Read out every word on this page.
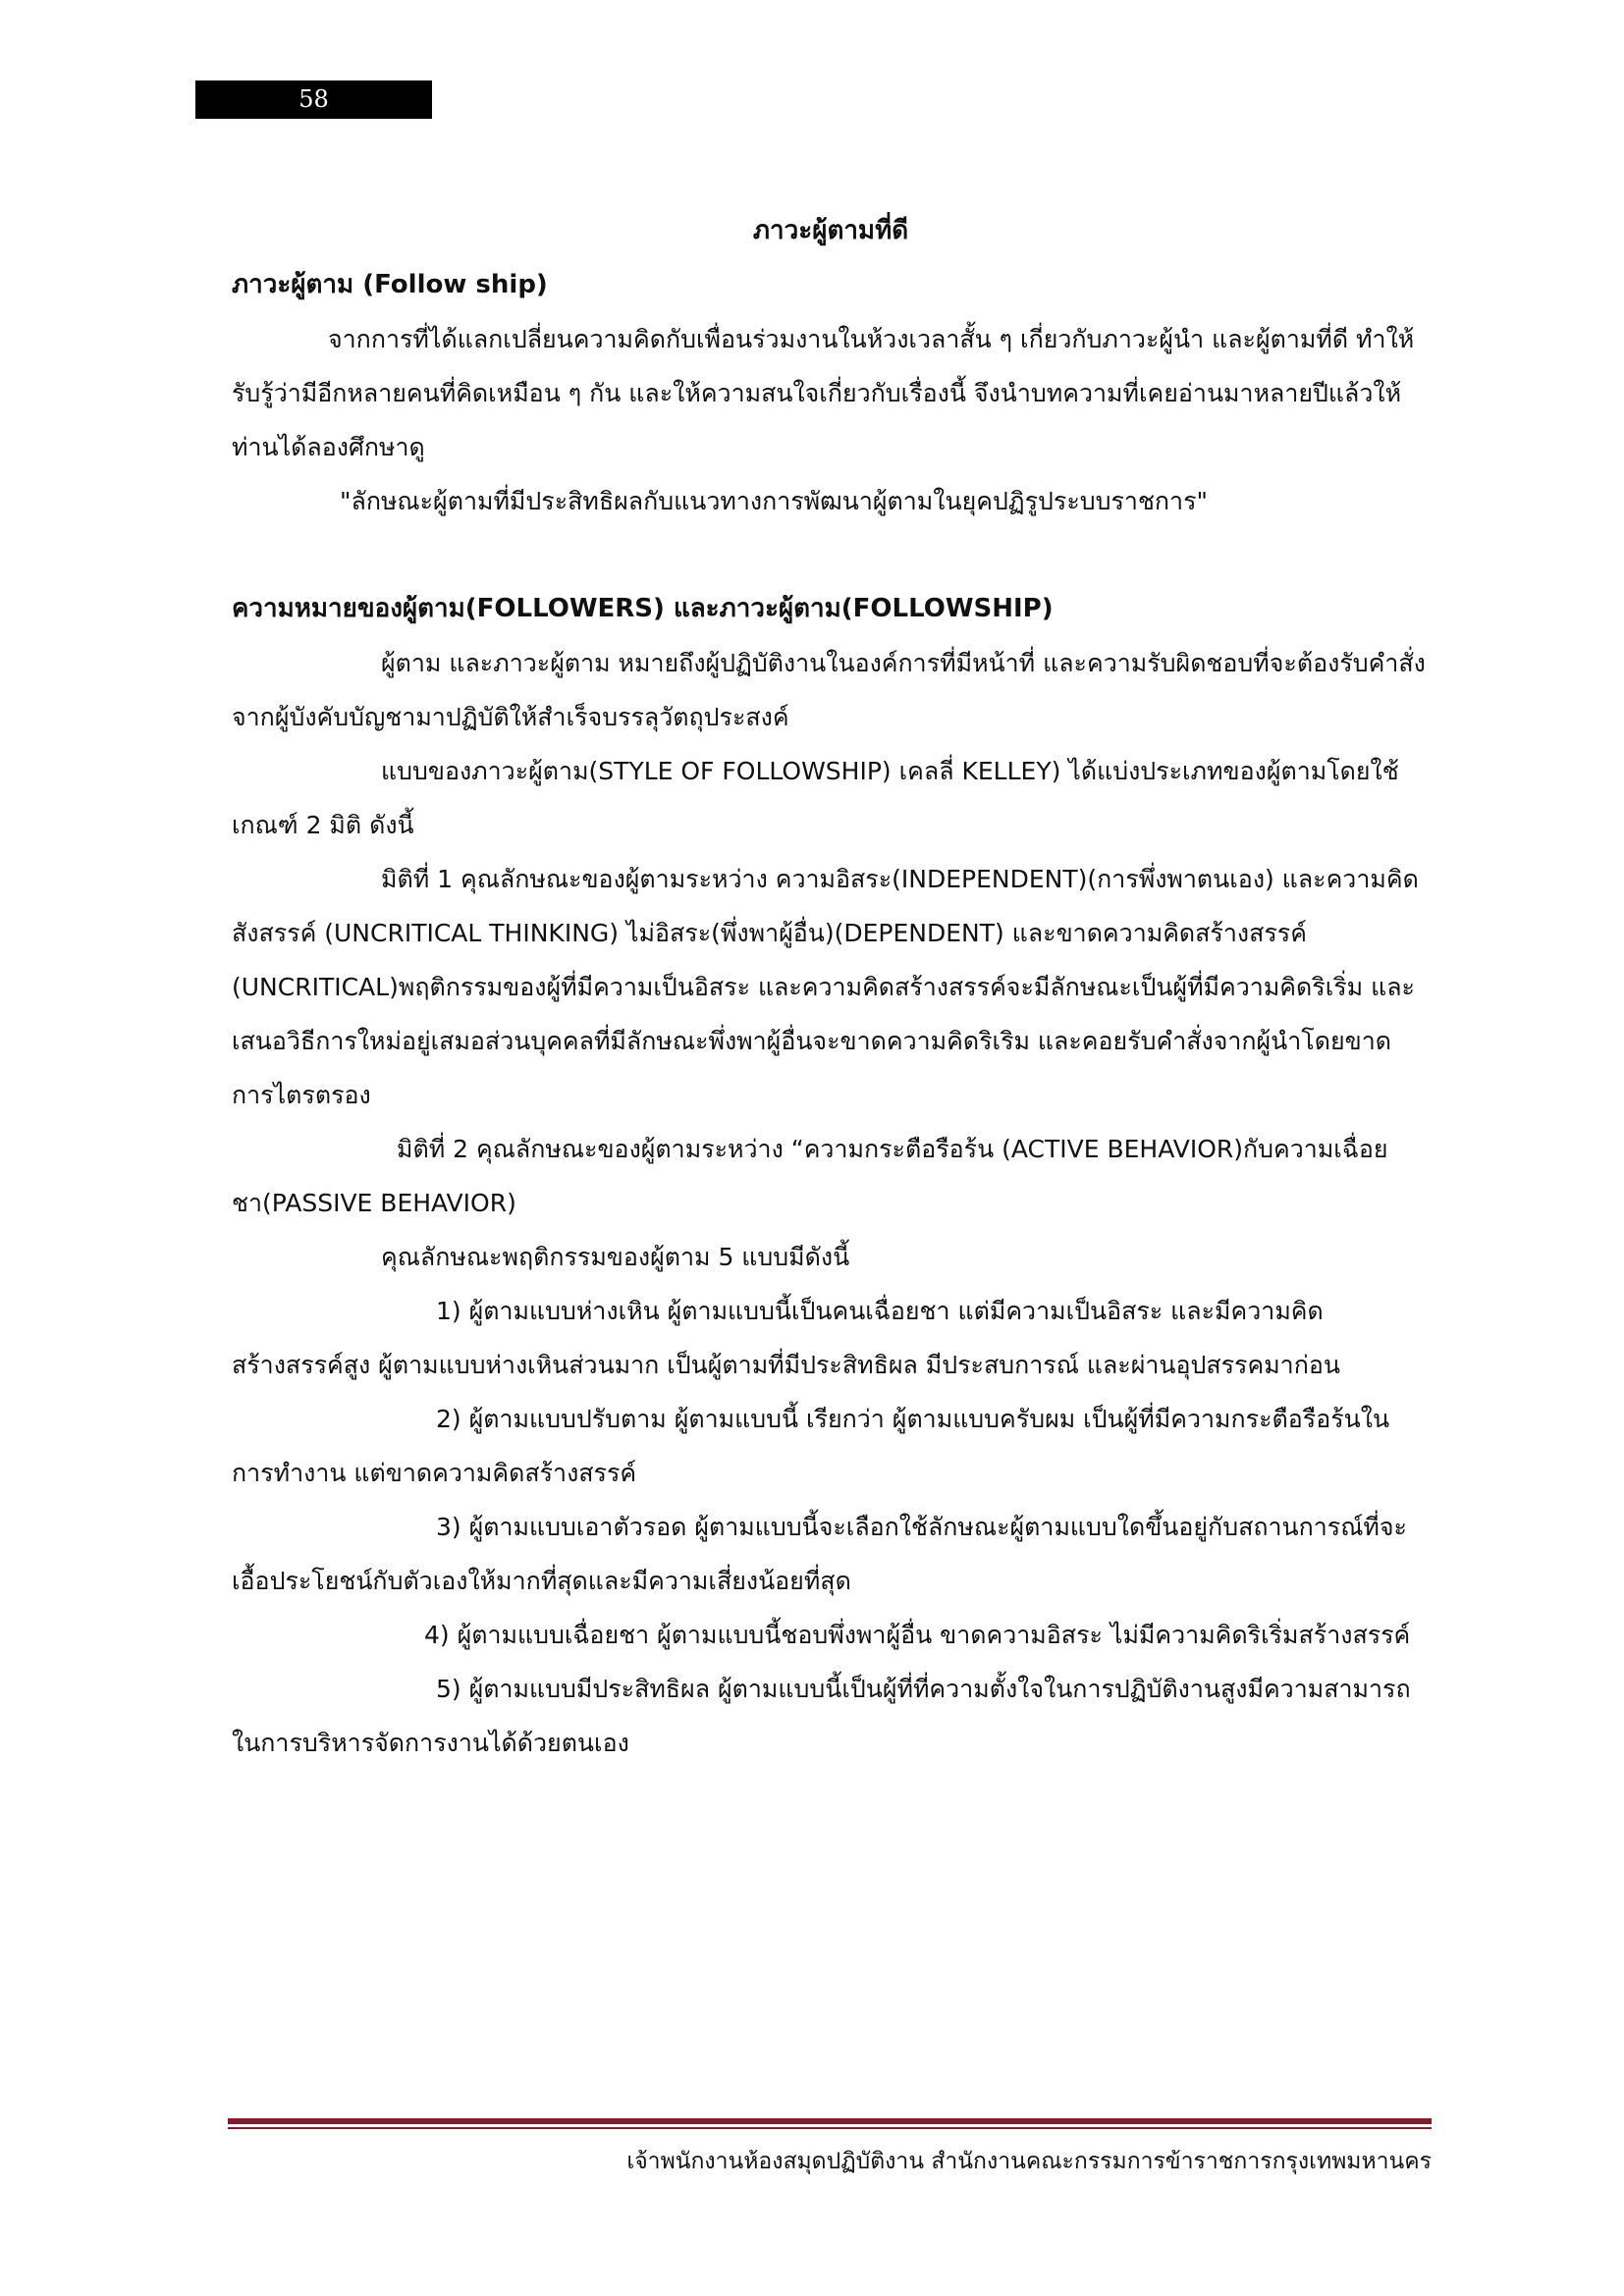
58

ภาวะผู้ตามที่ดี

ภาวะผู้ตาม (Follow ship)

จากการที่ได้แลกเปลี่ยนความคิดกับเพื่อนร่วมงานในห้วงเวลาสั้น ๆ เกี่ยวกับภาวะผู้นำ และผู้ตามที่ดี ทำให้รับรู้ว่ามีอีกหลายคนที่คิดเหมือน ๆ กัน และให้ความสนใจเกี่ยวกับเรื่องนี้ จึงนำบทความที่เคยอ่านมาหลายปีแล้วให้ท่านได้ลองศึกษาดู

"ลักษณะผู้ตามที่มีประสิทธิผลกับแนวทางการพัฒนาผู้ตามในยุคปฏิรูประบบราชการ"

ความหมายของผู้ตาม(FOLLOWERS) และภาวะผู้ตาม(FOLLOWSHIP)

ผู้ตาม และภาวะผู้ตาม หมายถึงผู้ปฏิบัติงานในองค์การที่มีหน้าที่ และความรับผิดชอบที่จะต้องรับคำสั่งจากผู้บังคับบัญชามาปฏิบัติให้สำเร็จบรรลุวัตถุประสงค์

แบบของภาวะผู้ตาม(STYLE OF FOLLOWSHIP) เคลลี่ KELLEY) ได้แบ่งประเภทของผู้ตามโดยใช้เกณฑ์ 2 มิติ ดังนี้

มิติที่ 1 คุณลักษณะของผู้ตามระหว่าง ความอิสระ(INDEPENDENT)(การพึ่งพาตนเอง) และความคิดสังสรรค์ (UNCRITICAL THINKING) ไม่อิสระ(พึ่งพาผู้อื่น)(DEPENDENT) และขาดความคิดสร้างสรรค์ (UNCRITICAL)พฤติกรรมของผู้ที่มีความเป็นอิสระ และความคิดสร้างสรรค์จะมีลักษณะเป็นผู้ที่มีความคิดริเริ่ม และเสนอวิธีการใหม่อยู่เสมอส่วนบุคคลที่มีลักษณะพึ่งพาผู้อื่นจะขาดความคิดริเริม และคอยรับคำสั่งจากผู้นำโดยขาดการไตรตรอง

มิติที่ 2 คุณลักษณะของผู้ตามระหว่าง “ความกระตือรือร้น (ACTIVE BEHAVIOR)กับความเฉื่อยชา(PASSIVE BEHAVIOR)

คุณลักษณะพฤติกรรมของผู้ตาม 5 แบบมีดังนี้

1) ผู้ตามแบบห่างเหิน ผู้ตามแบบนี้เป็นคนเฉื่อยชา แต่มีความเป็นอิสระ และมีความคิดสร้างสรรค์สูง ผู้ตามแบบห่างเหินส่วนมาก เป็นผู้ตามที่มีประสิทธิผล มีประสบการณ์ และผ่านอุปสรรคมาก่อน

2) ผู้ตามแบบปรับตาม ผู้ตามแบบนี้ เรียกว่า ผู้ตามแบบครับผม เป็นผู้ที่มีความกระตือรือร้นในการทำงาน แต่ขาดความคิดสร้างสรรค์

3) ผู้ตามแบบเอาตัวรอด ผู้ตามแบบนี้จะเลือกใช้ลักษณะผู้ตามแบบใดขึ้นอยู่กับสถานการณ์ที่จะเอื้อประโยชน์กับตัวเองให้มากที่สุดและมีความเสี่ยงน้อยที่สุด

4) ผู้ตามแบบเฉื่อยชา ผู้ตามแบบนี้ชอบพึ่งพาผู้อื่น ขาดความอิสระ ไม่มีความคิดริเริ่มสร้างสรรค์

5) ผู้ตามแบบมีประสิทธิผล ผู้ตามแบบนี้เป็นผู้ที่ที่ความตั้งใจในการปฏิบัติงานสูงมีความสามารถในการบริหารจัดการงานได้ด้วยตนเอง

เจ้าพนักงานห้องสมุดปฏิบัติงาน สำนักงานคณะกรรมการข้าราชการกรุงเทพมหานคร
